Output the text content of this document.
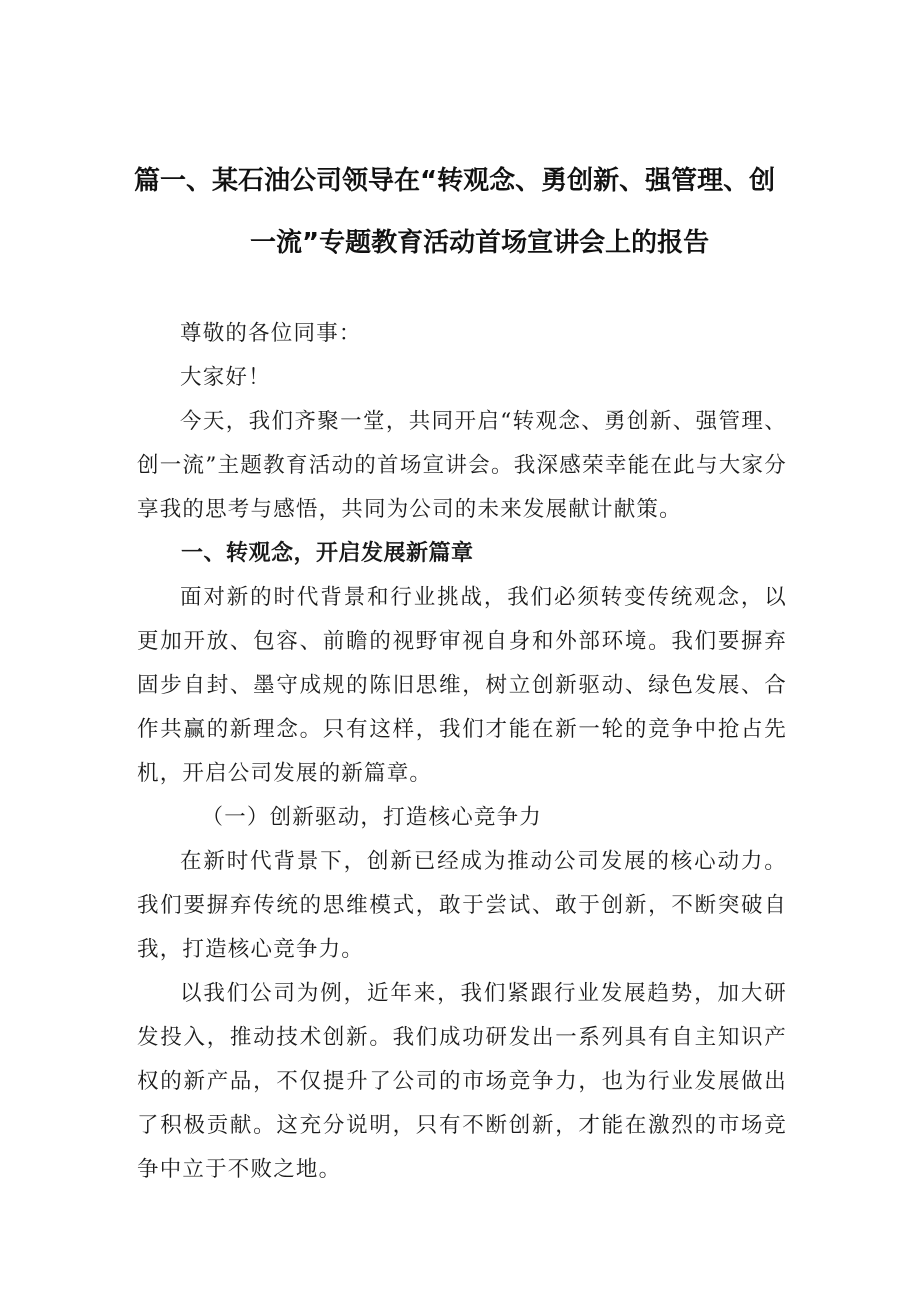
篇一、某石油公司领导在“转观念、勇创新、强管理、创
一流”专题教育活动首场宣讲会上的报告

尊敬的各位同事：

大家好！

今天，我们齐聚一堂，共同开启“转观念、勇创新、强管理、创一流”主题教育活动的首场宣讲会。我深感荣幸能在此与大家分享我的思考与感悟，共同为公司的未来发展献计献策。

一、转观念，开启发展新篇章

面对新的时代背景和行业挑战，我们必须转变传统观念，以更加开放、包容、前瞻的视野审视自身和外部环境。我们要摒弃固步自封、墨守成规的陈旧思维，树立创新驱动、绿色发展、合作共赢的新理念。只有这样，我们才能在新一轮的竞争中抢占先机，开启公司发展的新篇章。

（一）创新驱动，打造核心竞争力

在新时代背景下，创新已经成为推动公司发展的核心动力。我们要摒弃传统的思维模式，敢于尝试、敢于创新，不断突破自我，打造核心竞争力。

以我们公司为例，近年来，我们紧跟行业发展趋势，加大研发投入，推动技术创新。我们成功研发出一系列具有自主知识产权的新产品，不仅提升了公司的市场竞争力，也为行业发展做出了积极贡献。这充分说明，只有不断创新，才能在激烈的市场竞争中立于不败之地。
